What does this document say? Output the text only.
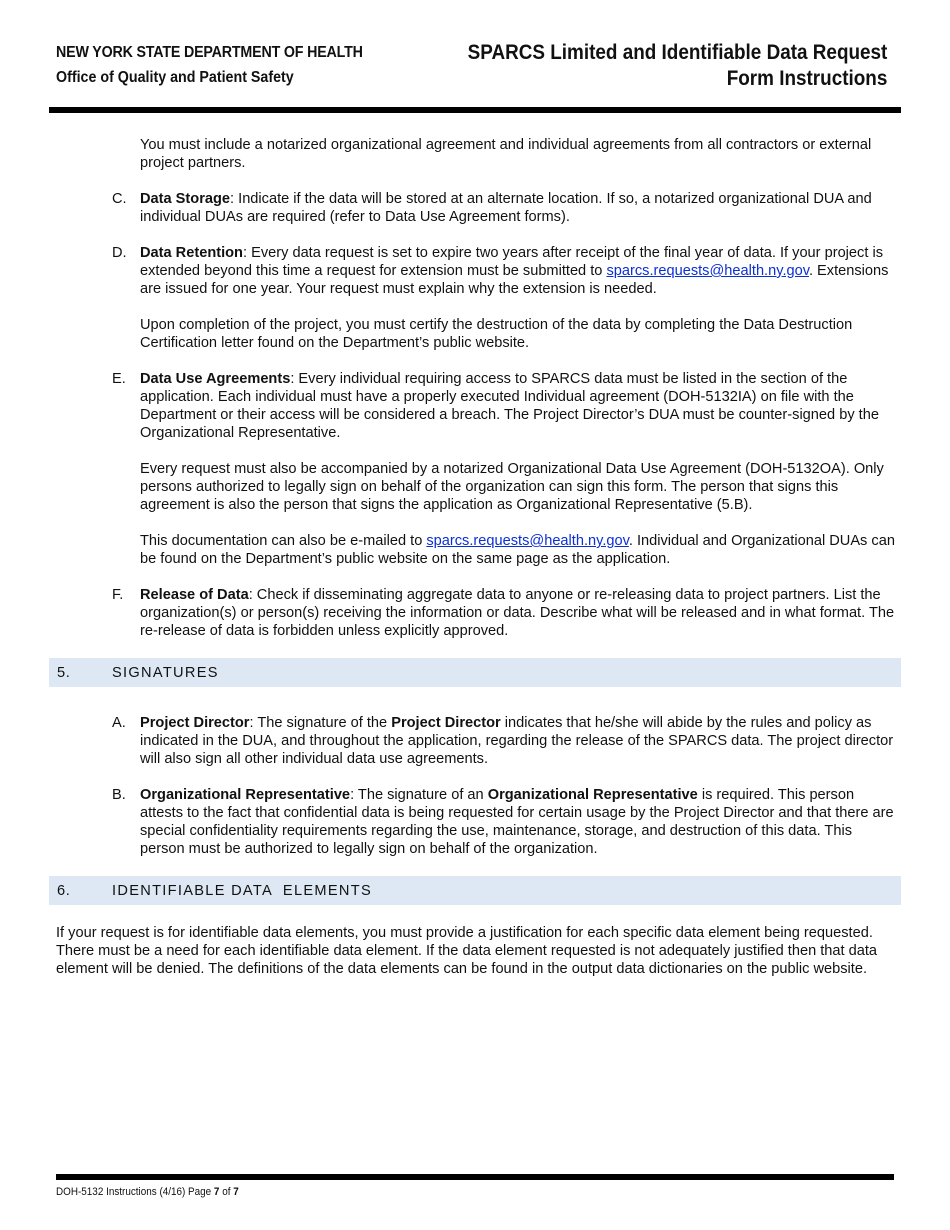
NEW YORK STATE DEPARTMENT OF HEALTH
Office of Quality and Patient Safety
SPARCS Limited and Identifiable Data Request
Form Instructions

You must include a notarized organizational agreement and individual agreements from all contractors or external project partners.

C. Data Storage: Indicate if the data will be stored at an alternate location. If so, a notarized organizational DUA and individual DUAs are required (refer to Data Use Agreement forms).
D. Data Retention: Every data request is set to expire two years after receipt of the final year of data. If your project is extended beyond this time a request for extension must be submitted to sparcs.requests@health.ny.gov. Extensions are issued for one year. Your request must explain why the extension is needed.

Upon completion of the project, you must certify the destruction of the data by completing the Data Destruction Certification letter found on the Department’s public website.

E. Data Use Agreements: Every individual requiring access to SPARCS data must be listed in the section of the application. Each individual must have a properly executed Individual agreement (DOH-5132IA) on file with the Department or their access will be considered a breach. The Project Director’s DUA must be counter-signed by the Organizational Representative.

Every request must also be accompanied by a notarized Organizational Data Use Agreement (DOH-5132OA). Only persons authorized to legally sign on behalf of the organization can sign this form. The person that signs this agreement is also the person that signs the application as Organizational Representative (5.B).

This documentation can also be e-mailed to sparcs.requests@health.ny.gov. Individual and Organizational DUAs can be found on the Department’s public website on the same page as the application.

F. Release of Data: Check if disseminating aggregate data to anyone or re-releasing data to project partners. List the organization(s) or person(s) receiving the information or data. Describe what will be released and in what format. The re-release of data is forbidden unless explicitly approved.
5.	SIGNATURES
A. Project Director: The signature of the Project Director indicates that he/she will abide by the rules and policy as indicated in the DUA, and throughout the application, regarding the release of the SPARCS data. The project director will also sign all other individual data use agreements.
B. Organizational Representative: The signature of an Organizational Representative is required. This person attests to the fact that confidential data is being requested for certain usage by the Project Director and that there are special confidentiality requirements regarding the use, maintenance, storage, and destruction of this data. This person must be authorized to legally sign on behalf of the organization.
6.	IDENTIFIABLE DATA  ELEMENTS

If your request is for identifiable data elements, you must provide a justification for each specific data element being requested. There must be a need for each identifiable data element. If the data element requested is not adequately justified then that data element will be denied. The definitions of the data elements can be found in the output data dictionaries on the public website.

DOH-5132 Instructions (4/16) Page 7 of 7
